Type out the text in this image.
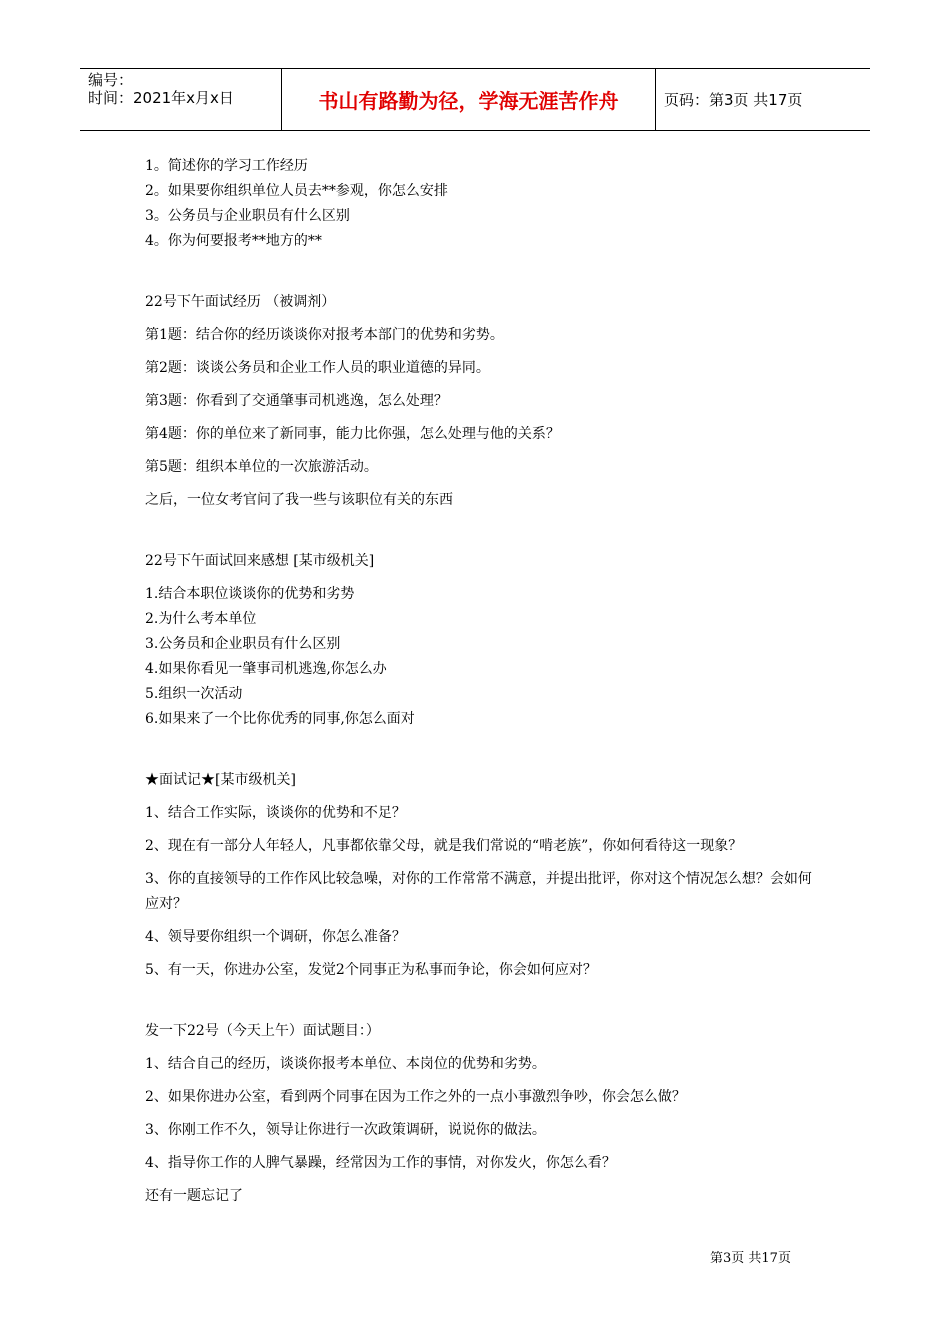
编号：
时间：2021年x月x日	书山有路勤为径，学海无涯苦作舟	页码：第3页 共17页

1。简述你的学习工作经历

2。如果要你组织单位人员去**参观，你怎么安排

3。公务员与企业职员有什么区别

4。你为何要报考**地方的**

22号下午面试经历 （被调剂）

第1题：结合你的经历谈谈你对报考本部门的优势和劣势。

第2题：谈谈公务员和企业工作人员的职业道德的异同。

第3题：你看到了交通肇事司机逃逸，怎么处理？

第4题：你的单位来了新同事，能力比你强，怎么处理与他的关系？

第5题：组织本单位的一次旅游活动。

之后，一位女考官问了我一些与该职位有关的东西

22号下午面试回来感想 [某市级机关]

1.结合本职位谈谈你的优势和劣势

2.为什么考本单位

3.公务员和企业职员有什么区别

4.如果你看见一肇事司机逃逸,你怎么办

5.组织一次活动

6.如果来了一个比你优秀的同事,你怎么面对

★面试记★[某市级机关]

1、结合工作实际，谈谈你的优势和不足？

2、现在有一部分人年轻人，凡事都依靠父母，就是我们常说的“啃老族”，你如何看待这一现象？

3、你的直接领导的工作作风比较急噪，对你的工作常常不满意，并提出批评，你对这个情况怎么想？会如何应对？

4、领导要你组织一个调研，你怎么准备？

5、有一天，你进办公室，发觉2个同事正为私事而争论，你会如何应对？

发一下22号（今天上午）面试题目：）

1、结合自己的经历，谈谈你报考本单位、本岗位的优势和劣势。

2、如果你进办公室，看到两个同事在因为工作之外的一点小事激烈争吵，你会怎么做？

3、你刚工作不久，领导让你进行一次政策调研，说说你的做法。

4、指导你工作的人脾气暴躁，经常因为工作的事情，对你发火，你怎么看？

还有一题忘记了

第3页 共17页
